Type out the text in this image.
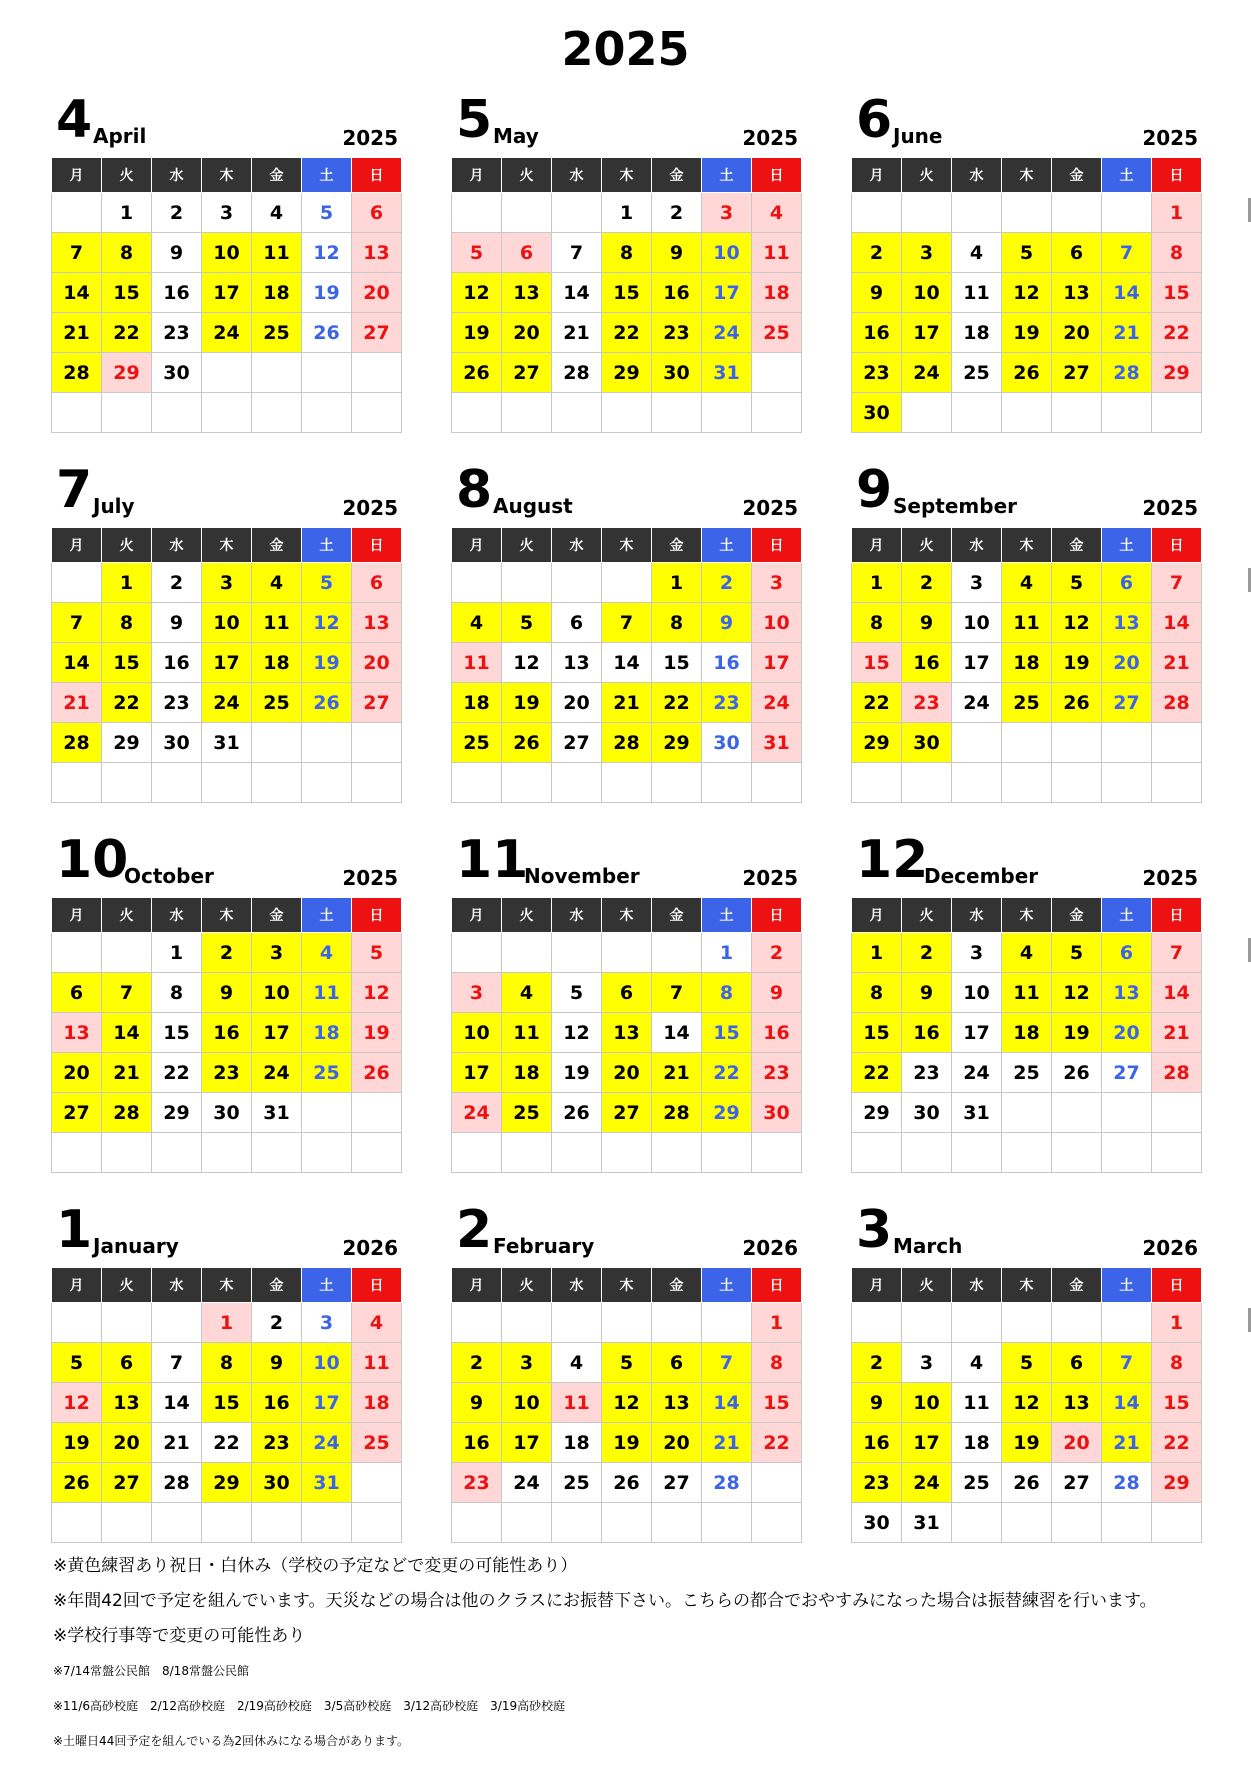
2025
4 April	2025
月	火	水	木	金	土	日
	1	2	3	4	5	6
7	8	9	10	11	12	13
14	15	16	17	18	19	20
21	22	23	24	25	26	27
28	29	30				

5 May	2025
月	火	水	木	金	土	日
			1	2	3	4
5	6	7	8	9	10	11
12	13	14	15	16	17	18
19	20	21	22	23	24	25
26	27	28	29	30	31	

6 June	2025
月	火	水	木	金	土	日
						1
2	3	4	5	6	7	8
9	10	11	12	13	14	15
16	17	18	19	20	21	22
23	24	25	26	27	28	29
30						
7 July	2025
月	火	水	木	金	土	日
	1	2	3	4	5	6
7	8	9	10	11	12	13
14	15	16	17	18	19	20
21	22	23	24	25	26	27
28	29	30	31			

8 August	2025
月	火	水	木	金	土	日
				1	2	3
4	5	6	7	8	9	10
11	12	13	14	15	16	17
18	19	20	21	22	23	24
25	26	27	28	29	30	31

9 September	2025
月	火	水	木	金	土	日
1	2	3	4	5	6	7
8	9	10	11	12	13	14
15	16	17	18	19	20	21
22	23	24	25	26	27	28
29	30					

10
October	2025
月	火	水	木	金	土	日
		1	2	3	4	5
6	7	8	9	10	11	12
13	14	15	16	17	18	19
20	21	22	23	24	25	26
27	28	29	30	31		

11
November	2025
月	火	水	木	金	土	日
					1	2
3	4	5	6	7	8	9
10	11	12	13	14	15	16
17	18	19	20	21	22	23
24	25	26	27	28	29	30

12
December	2025
月	火	水	木	金	土	日
1	2	3	4	5	6	7
8	9	10	11	12	13	14
15	16	17	18	19	20	21
22	23	24	25	26	27	28
29	30	31				

1 January	2026
月	火	水	木	金	土	日
			1	2	3	4
5	6	7	8	9	10	11
12	13	14	15	16	17	18
19	20	21	22	23	24	25
26	27	28	29	30	31	

2 February	2026
月	火	水	木	金	土	日
						1
2	3	4	5	6	7	8
9	10	11	12	13	14	15
16	17	18	19	20	21	22
23	24	25	26	27	28	

3 March	2026
月	火	水	木	金	土	日
						1
2	3	4	5	6	7	8
9	10	11	12	13	14	15
16	17	18	19	20	21	22
23	24	25	26	27	28	29
30	31					
※黄色練習あり祝日・白休み（学校の予定などで変更の可能性あり）
※年間42回で予定を組んでいます。天災などの場合は他のクラスにお振替下さい。こちらの都合でおやすみになった場合は振替練習を行います。
※学校行事等で変更の可能性あり
※7/14常盤公民館　8/18常盤公民館
※11/6高砂校庭　2/12高砂校庭　2/19高砂校庭　3/5高砂校庭　3/12高砂校庭　3/19高砂校庭
※土曜日44回予定を組んでいる為2回休みになる場合があります。
